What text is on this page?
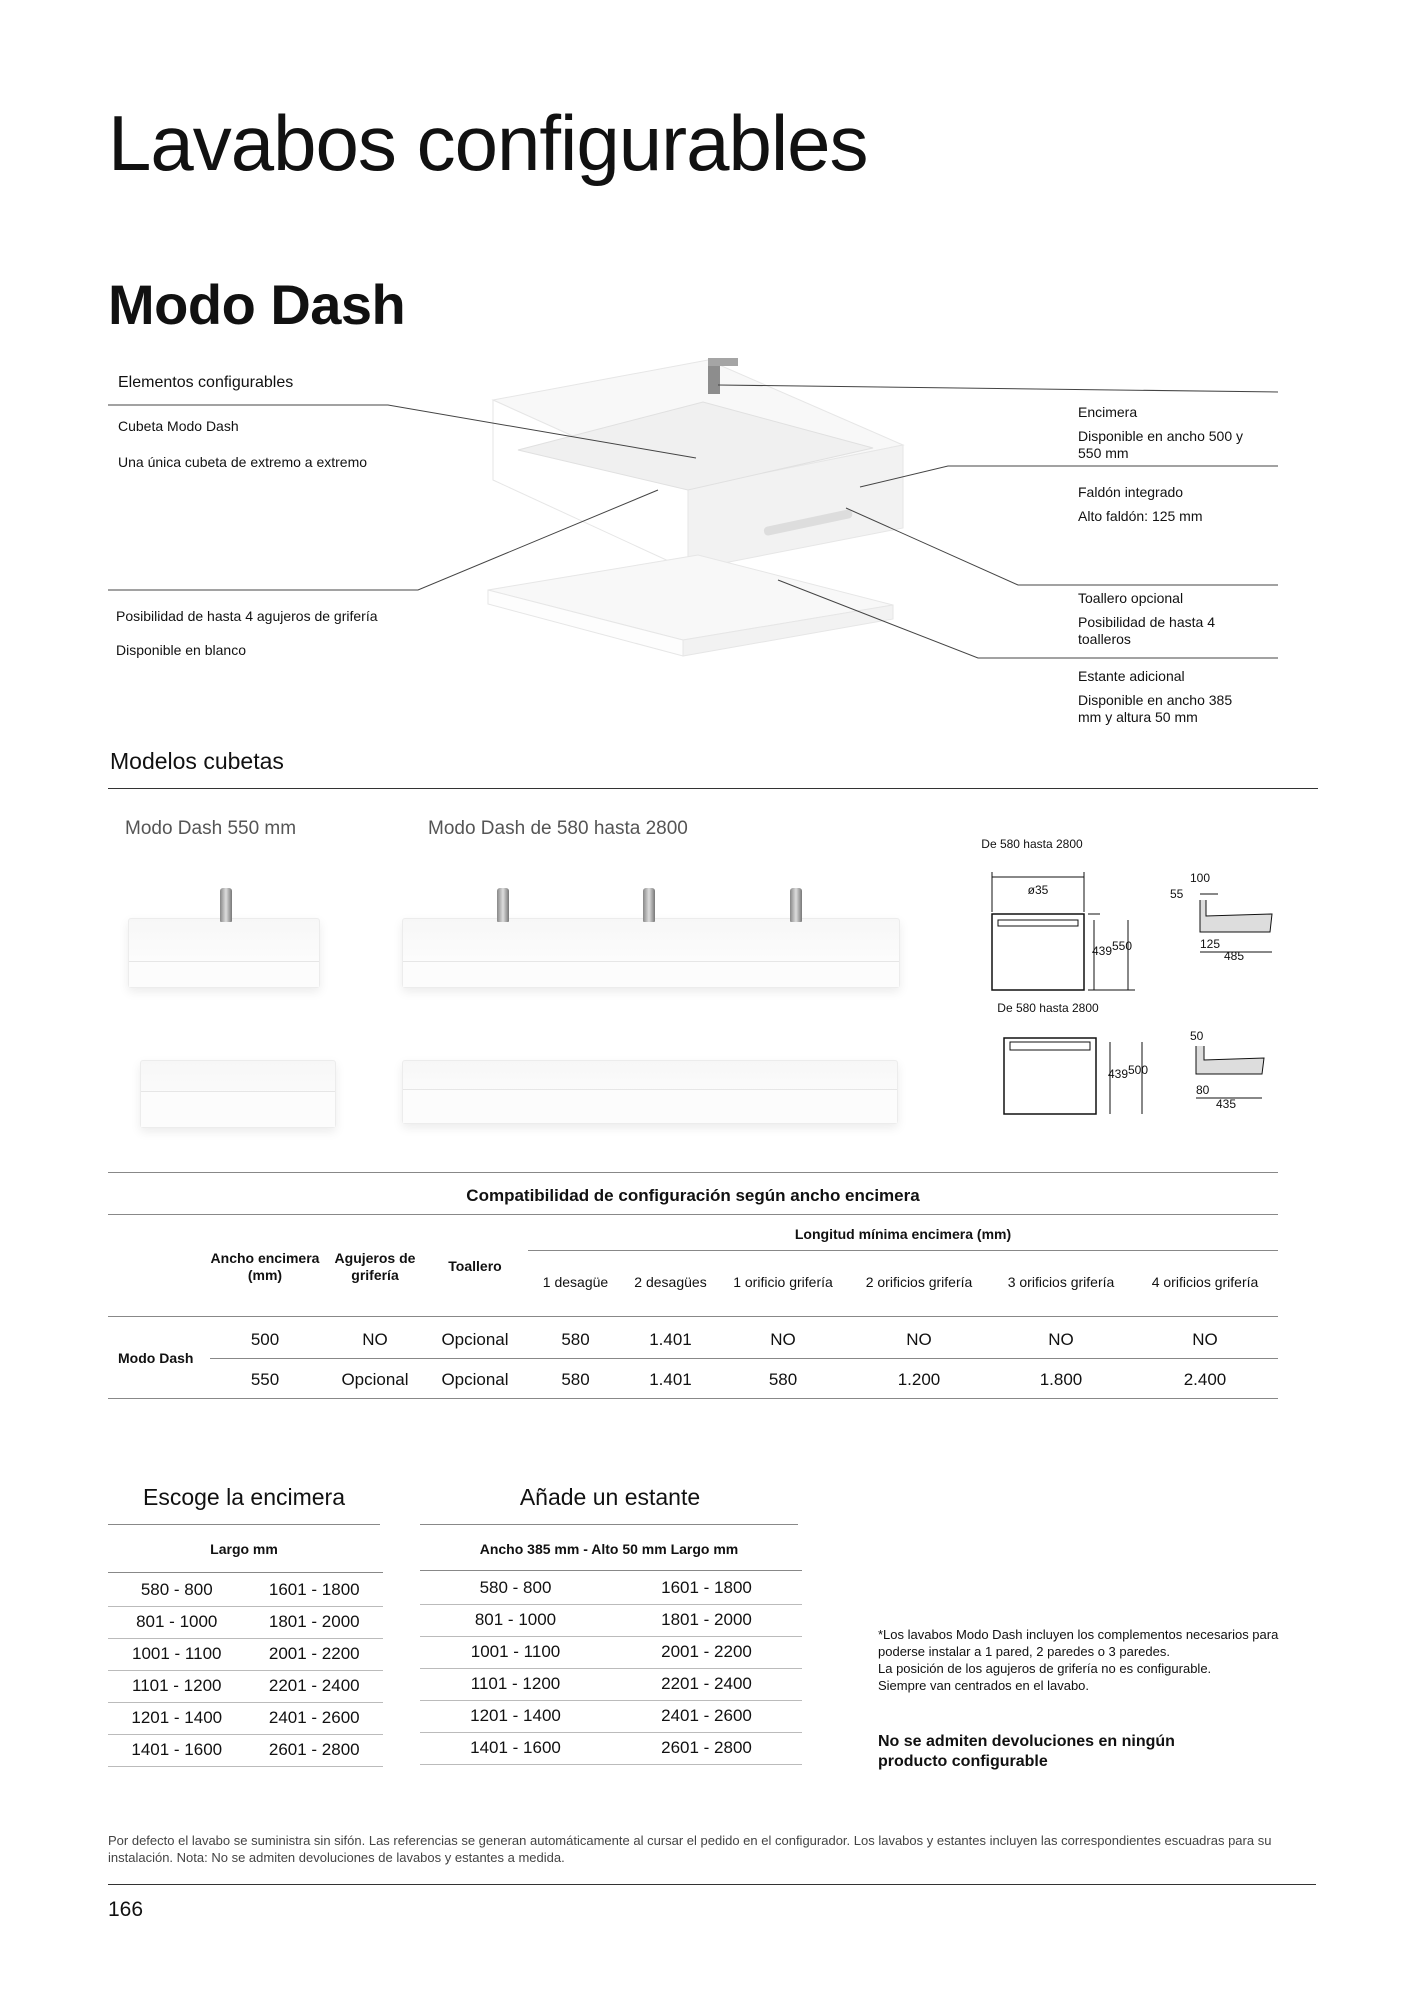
Lavabos configurables
Modo Dash
Elementos configurables
Cubeta Modo Dash
Una única cubeta de extremo a extremo
Posibilidad de hasta 4 agujeros de grifería
Disponible en blanco
Encimera
Disponible en ancho 500 y 550 mm
Faldón integrado
Alto faldón: 125 mm
Toallero opcional
Posibilidad de hasta 4 toalleros
Estante adicional
Disponible en ancho 385 mm y altura 50 mm
Modelos cubetas
Modo Dash 550 mm	Modo Dash de 580 hasta 2800
De 580 hasta 2800
ø35
439 550
100
55
125
485
De 580 hasta 2800
439 500
50
80
435
Compatibilidad de configuración según ancho encimera
Longitud mínima encimera (mm)
Ancho encimera (mm)
Agujeros de grifería
Toallero
1 desagüe	2 desagües	1 orificio grifería	2 orificios grifería	3 orificios grifería	4 orificios grifería
Modo Dash
500	NO	Opcional	580	1.401	NO	NO	NO	NO
550	Opcional	Opcional	580	1.401	580	1.200	1.800	2.400
Escoge la encimera
Largo mm
580 - 800	1601 - 1800
801 - 1000	1801 - 2000
1001 - 1100	2001 - 2200
1101 - 1200	2201 - 2400
1201 - 1400	2401 - 2600
1401 - 1600	2601 - 2800
Añade un estante
Ancho 385 mm - Alto 50 mm Largo mm
580 - 800	1601 - 1800
801 - 1000	1801 - 2000
1001 - 1100	2001 - 2200
1101 - 1200	2201 - 2400
1201 - 1400	2401 - 2600
1401 - 1600	2601 - 2800
*Los lavabos Modo Dash incluyen los complementos necesarios para poderse instalar a 1 pared, 2 paredes o 3 paredes.
La posición de los agujeros de grifería no es configurable.
Siempre van centrados en el lavabo.
No se admiten devoluciones en ningún producto configurable
Por defecto el lavabo se suministra sin sifón. Las referencias se generan automáticamente al cursar el pedido en el configurador. Los lavabos y estantes incluyen las correspondientes escuadras para su instalación. Nota: No se admiten devoluciones de lavabos y estantes a medida.
166
